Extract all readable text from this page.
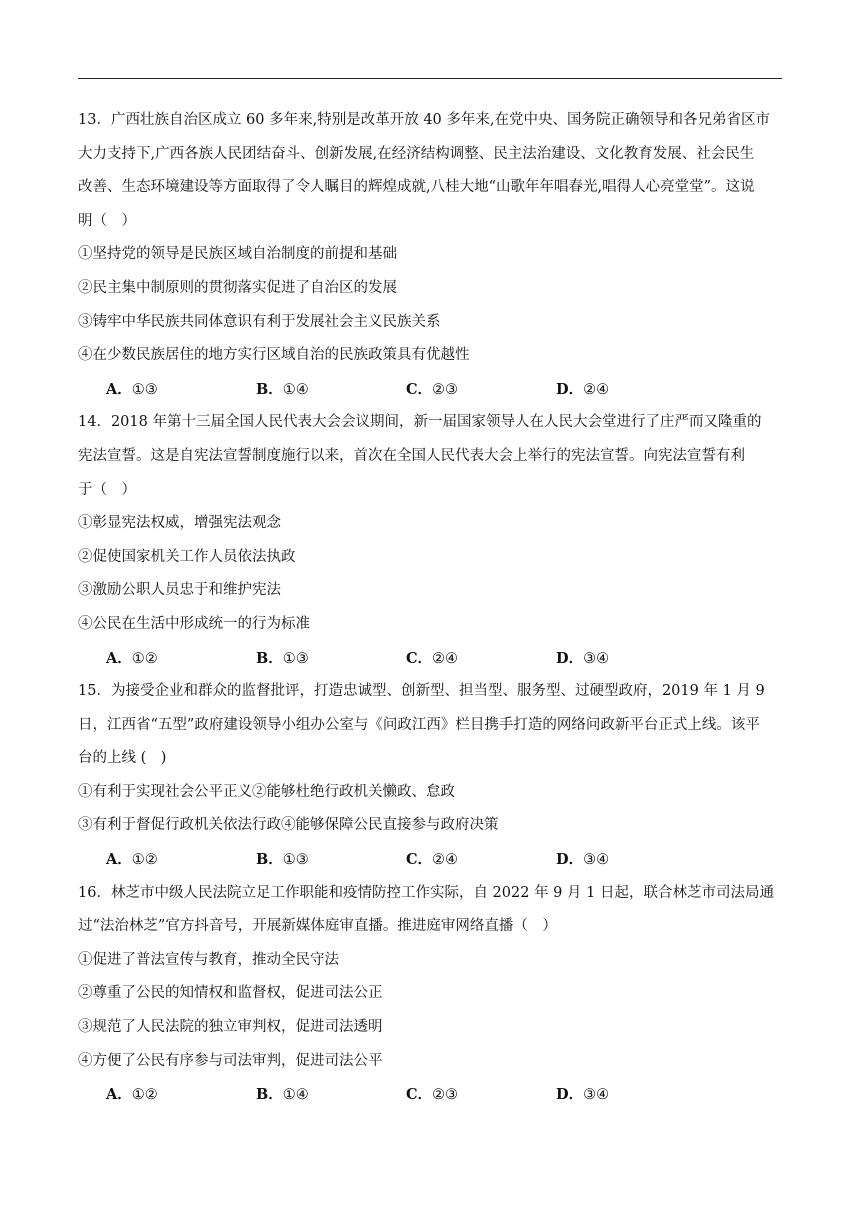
13．广西壮族自治区成立 60 多年来,特别是改革开放 40 多年来,在党中央、国务院正确领导和各兄弟省区市
大力支持下,广西各族人民团结奋斗、创新发展,在经济结构调整、民主法治建设、文化教育发展、社会民生
改善、生态环境建设等方面取得了令人瞩目的辉煌成就,八桂大地“山歌年年唱春光,唱得人心亮堂堂”。这说
明（　）
①坚持党的领导是民族区域自治制度的前提和基础
②民主集中制原则的贯彻落实促进了自治区的发展
③铸牢中华民族共同体意识有利于发展社会主义民族关系
④在少数民族居住的地方实行区域自治的民族政策具有优越性
A．①③	B．①④	C．②③	D．②④
14．2018 年第十三届全国人民代表大会会议期间，新一届国家领导人在人民大会堂进行了庄严而又隆重的
宪法宣誓。这是自宪法宣誓制度施行以来，首次在全国人民代表大会上举行的宪法宣誓。向宪法宣誓有利
于（　）
①彰显宪法权威，增强宪法观念
②促使国家机关工作人员依法执政
③激励公职人员忠于和维护宪法
④公民在生活中形成统一的行为标准
A．①②	B．①③	C．②④	D．③④
15．为接受企业和群众的监督批评，打造忠诚型、创新型、担当型、服务型、过硬型政府，2019 年 1 月 9
日，江西省“五型”政府建设领导小组办公室与《问政江西》栏目携手打造的网络问政新平台正式上线。该平
台的上线 (　)
①有利于实现社会公平正义②能够杜绝行政机关懒政、怠政
③有利于督促行政机关依法行政④能够保障公民直接参与政府决策
A．①②	B．①③	C．②④	D．③④
16．林芝市中级人民法院立足工作职能和疫情防控工作实际，自 2022 年 9 月 1 日起，联合林芝市司法局通
过“法治林芝”官方抖音号，开展新媒体庭审直播。推进庭审网络直播（　）
①促进了普法宣传与教育，推动全民守法
②尊重了公民的知情权和监督权，促进司法公正
③规范了人民法院的独立审判权，促进司法透明
④方便了公民有序参与司法审判，促进司法公平
A．①②	B．①④	C．②③	D．③④
